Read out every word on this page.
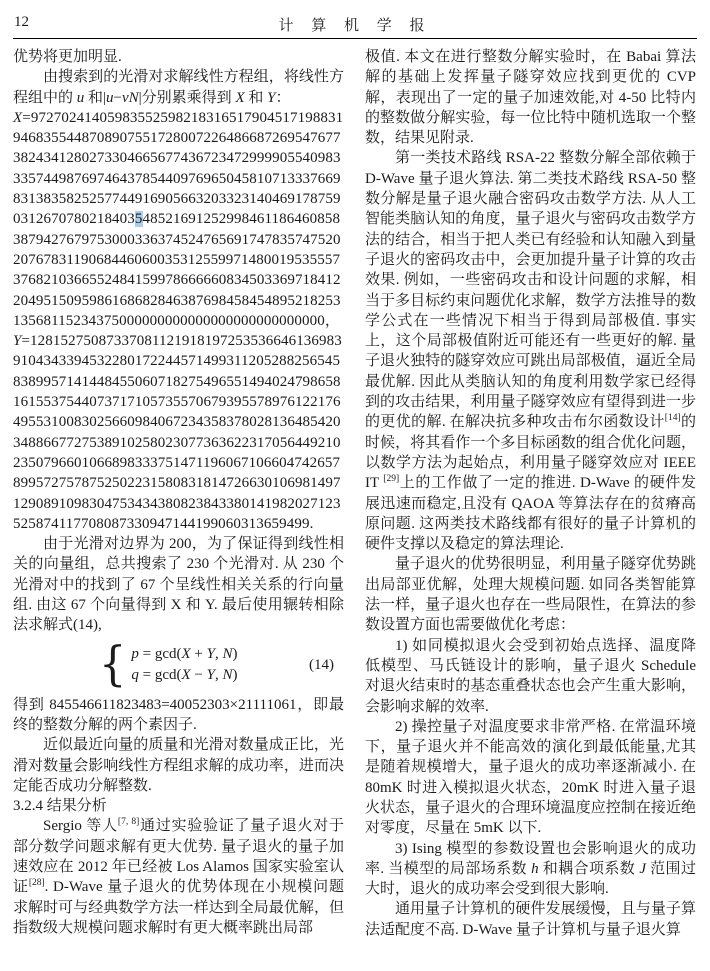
12	计 算 机 学 报

优势将更加明显.

由搜索到的光滑对求解线性方程组，将线性方程组中的 u 和|u−vN|分别累乘得到 X 和 Y：

X=97270241405983552598218316517904517198831
9468355448708907551728007226486687269547677
3824341280273304665677436723472999905540983
3357449876974643785440976965045810713337669
8313835825257744916905663203323140469178759
0312670780218403548521691252998461186460858
3879427679753000336374524765691747835747520
2076783119068446060035312559971480019535557
3768210366552484159978666660834503369718412
2049515095986168682846387698458454895218253
13568115234375000000000000000000000000000，
Y=12815275087337081121918197253536646136983
9104343394532280172244571499311205288256545
8389957141448455060718275496551494024798658
1615537544073717105735570679395578976122176
4955310083025660984067234358378028136485420
3488667727538910258023077363622317056449210
2350796601066898333751471196067106604742657
8995727578752502231580831814726630106981497
1290891098304753434380823843380141982027123
525874117708087330947144199060313659499.

由于光滑对边界为 200，为了保证得到线性相关的向量组，总共搜索了 230 个光滑对. 从 230 个光滑对中的找到了 67 个呈线性相关关系的行向量组. 由这 67 个向量得到 X 和 Y. 最后使用辗转相除法求解式(14),

{ p = gcd(X + Y, N)
q = gcd(X − Y, N)
(14)

得到 845546611823483=40052303×21111061，即最终的整数分解的两个素因子.

近似最近向量的质量和光滑对数量成正比，光滑对数量会影响线性方程组求解的成功率，进而决定能否成功分解整数.

3.2.4 结果分析

Sergio 等人[7, 8]通过实验验证了量子退火对于部分数学问题求解有更大优势. 量子退火的量子加速效应在 2012 年已经被 Los Alamos 国家实验室认证[28]. D-Wave 量子退火的优势体现在小规模问题求解时可与经典数学方法一样达到全局最优解，但指数级大规模问题求解时有更大概率跳出局部

极值. 本文在进行整数分解实验时，在 Babai 算法解的基础上发挥量子隧穿效应找到更优的 CVP 解，表现出了一定的量子加速效能,对 4-50 比特内的整数做分解实验，每一位比特中随机选取一个整数，结果见附录.

第一类技术路线 RSA-22 整数分解全部依赖于 D-Wave 量子退火算法. 第二类技术路线 RSA-50 整数分解是量子退火融合密码攻击数学方法. 从人工智能类脑认知的角度，量子退火与密码攻击数学方法的结合，相当于把人类已有经验和认知融入到量子退火的密码攻击中，会更加提升量子计算的攻击效果. 例如，一些密码攻击和设计问题的求解，相当于多目标约束问题优化求解，数学方法推导的数学公式在一些情况下相当于得到局部极值. 事实上，这个局部极值附近可能还有一些更好的解. 量子退火独特的隧穿效应可跳出局部极值，逼近全局最优解. 因此从类脑认知的角度利用数学家已经得到的攻击结果，利用量子隧穿效应有望得到进一步的更优的解. 在解决抗多种攻击布尔函数设计[14]的时候，将其看作一个多目标函数的组合优化问题，以数学方法为起始点，利用量子隧穿效应对 IEEE IT [29]上的工作做了一定的推进. D-Wave 的硬件发展迅速而稳定,且没有 QAOA 等算法存在的贫瘠高原问题. 这两类技术路线都有很好的量子计算机的硬件支撑以及稳定的算法理论.

量子退火的优势很明显，利用量子隧穿优势跳出局部亚优解，处理大规模问题. 如同各类智能算法一样，量子退火也存在一些局限性，在算法的参数设置方面也需要做优化考虑：

1) 如同模拟退火会受到初始点选择、温度降低模型、马氏链设计的影响，量子退火 Schedule 对退火结束时的基态重叠状态也会产生重大影响，会影响求解的效率.

2) 操控量子对温度要求非常严格. 在常温环境下，量子退火并不能高效的演化到最低能量,尤其是随着规模增大，量子退火的成功率逐渐减小. 在 80mK 时进入模拟退火状态，20mK 时进入量子退火状态，量子退火的合理环境温度应控制在接近绝对零度，尽量在 5mK 以下.

3) Ising 模型的参数设置也会影响退火的成功率. 当模型的局部场系数 h 和耦合项系数 J 范围过大时，退火的成功率会受到很大影响.

通用量子计算机的硬件发展缓慢，且与量子算法适配度不高. D-Wave 量子计算机与量子退火算
